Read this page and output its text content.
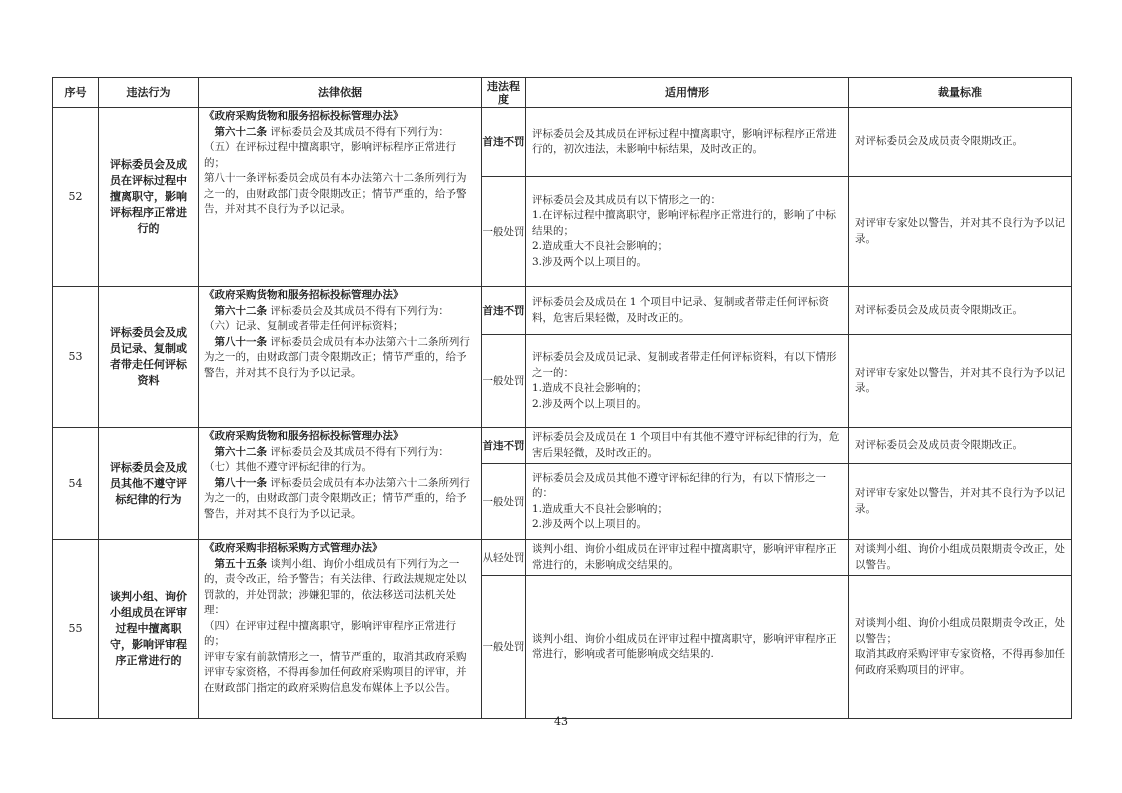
序号	违法行为	法律依据	违法程度	适用情形	裁量标准
52	评标委员会及成员在评标过程中擅离职守，影响评标程序正常进行的	《政府采购货物和服务招标投标管理办法》
第六十二条 评标委员会及其成员不得有下列行为：
（五）在评标过程中擅离职守，影响评标程序正常进行的；
第八十一条评标委员会成员有本办法第六十二条所列行为之一的，由财政部门责令限期改正；情节严重的，给予警告，并对其不良行为予以记录。	首违不罚	评标委员会及其成员在评标过程中擅离职守，影响评标程序正常进行的，初次违法，未影响中标结果，及时改正的。	对评标委员会及成员责令限期改正。

			一般处罚	评标委员会及其成员有以下情形之一的：
1.在评标过程中擅离职守，影响评标程序正常进行的，影响了中标结果的；
2.造成重大不良社会影响的；
3.涉及两个以上项目的。	对评审专家处以警告，并对其不良行为予以记录。

53	评标委员会及成员记录、复制或者带走任何评标资料	《政府采购货物和服务招标投标管理办法》
第六十二条 评标委员会及其成员不得有下列行为：
（六）记录、复制或者带走任何评标资料；
第八十一条 评标委员会成员有本办法第六十二条所列行为之一的，由财政部门责令限期改正；情节严重的，给予警告，并对其不良行为予以记录。	首违不罚	评标委员会及成员在 1 个项目中记录、复制或者带走任何评标资料，危害后果轻微，及时改正的。	对评标委员会及成员责令限期改正。

			一般处罚	评标委员会及成员记录、复制或者带走任何评标资料，有以下情形之一的：
1.造成不良社会影响的；
2.涉及两个以上项目的。	对评审专家处以警告，并对其不良行为予以记录。

54	评标委员会及成员其他不遵守评标纪律的行为	《政府采购货物和服务招标投标管理办法》
第六十二条 评标委员会及其成员不得有下列行为：
（七）其他不遵守评标纪律的行为。
第八十一条 评标委员会成员有本办法第六十二条所列行为之一的，由财政部门责令限期改正；情节严重的，给予警告，并对其不良行为予以记录。	首违不罚	评标委员会及成员在 1 个项目中有其他不遵守评标纪律的行为，危害后果轻微，及时改正的。	对评标委员会及成员责令限期改正。

			一般处罚	评标委员会及成员其他不遵守评标纪律的行为，有以下情形之一的：
1.造成重大不良社会影响的；
2.涉及两个以上项目的。	对评审专家处以警告，并对其不良行为予以记录。

55	谈判小组、询价小组成员在评审过程中擅离职守，影响评审程序正常进行的	《政府采购非招标采购方式管理办法》
第五十五条 谈判小组、询价小组成员有下列行为之一的，责令改正，给予警告；有关法律、行政法规规定处以罚款的，并处罚款；涉嫌犯罪的，依法移送司法机关处理：
（四）在评审过程中擅离职守，影响评审程序正常进行的；
评审专家有前款情形之一，情节严重的，取消其政府采购评审专家资格，不得再参加任何政府采购项目的评审，并在财政部门指定的政府采购信息发布媒体上予以公告。	从轻处罚	谈判小组、询价小组成员在评审过程中擅离职守，影响评审程序正常进行的，未影响成交结果的。	对谈判小组、询价小组成员限期责令改正，处以警告。

			一般处罚	谈判小组、询价小组成员在评审过程中擅离职守，影响评审程序正常进行，影响或者可能影响成交结果的.	对谈判小组、询价小组成员限期责令改正，处以警告；
取消其政府采购评审专家资格，不得再参加任何政府采购项目的评审。
43
